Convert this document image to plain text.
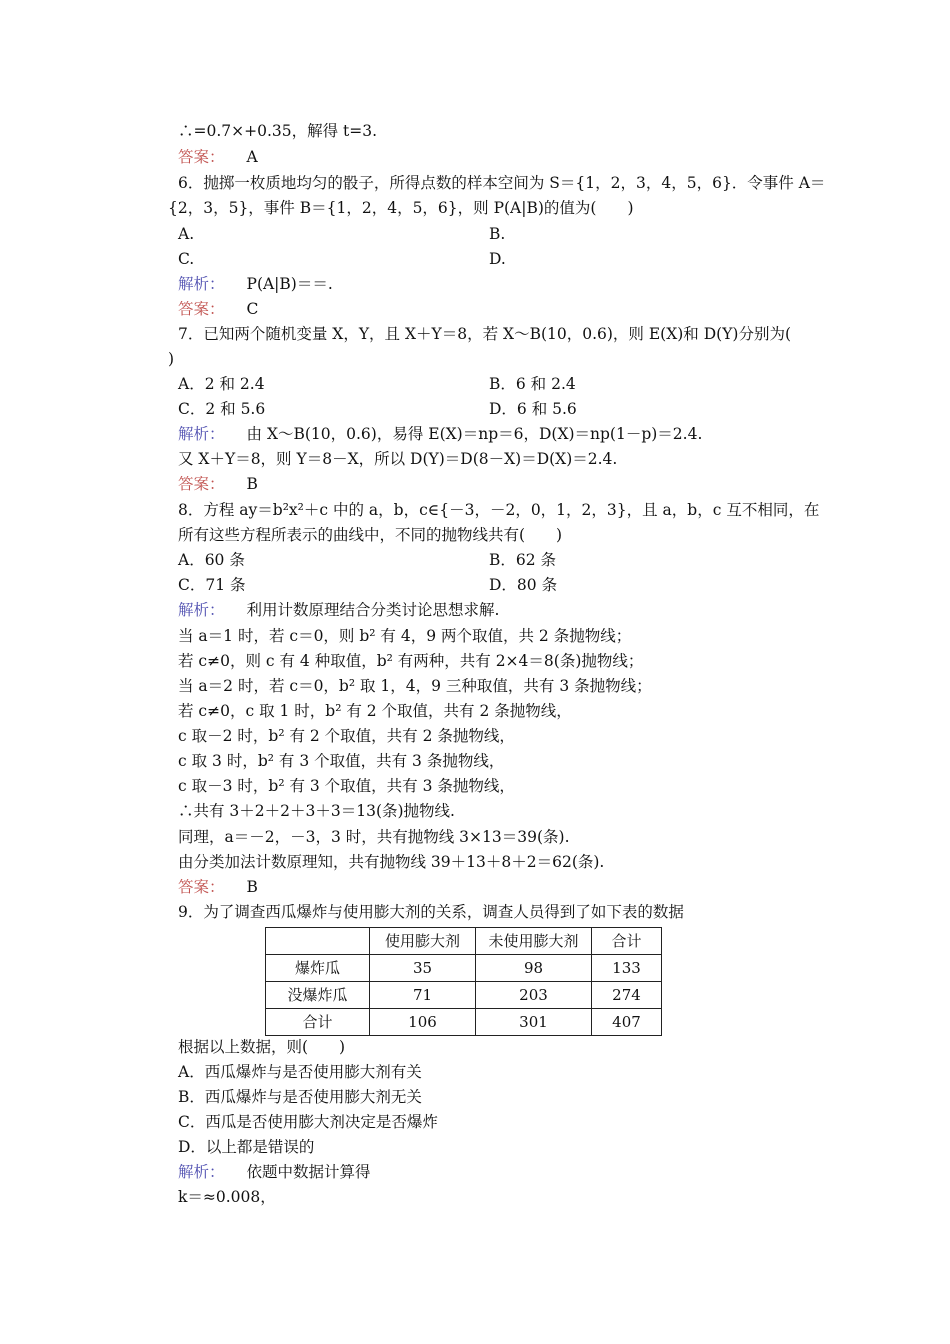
∴=0.7×+0.35，解得 t=3.
答案： A
6．抛掷一枚质地均匀的骰子，所得点数的样本空间为 S＝{1，2，3，4，5，6}．令事件 A＝
{2，3，5}，事件 B＝{1，2，4，5，6}，则 P(A|B)的值为(　　)
A.	B.
C.	D.
解析： P(A|B)＝＝.
答案： C
7．已知两个随机变量 X，Y，且 X＋Y＝8，若 X～B(10，0.6)，则 E(X)和 D(Y)分别为(
)
A．2 和 2.4	B．6 和 2.4
C．2 和 5.6	D．6 和 5.6
解析： 由 X～B(10，0.6)，易得 E(X)＝np＝6，D(X)＝np(1－p)＝2.4.
又 X＋Y＝8，则 Y＝8－X，所以 D(Y)＝D(8－X)＝D(X)＝2.4.
答案： B
8．方程 ay＝b²x²＋c 中的 a，b，c∈{－3，－2，0，1，2，3}，且 a，b，c 互不相同，在
所有这些方程所表示的曲线中，不同的抛物线共有(　　)
A．60 条	B．62 条
C．71 条	D．80 条
解析： 利用计数原理结合分类讨论思想求解.
当 a＝1 时，若 c＝0，则 b² 有 4，9 两个取值，共 2 条抛物线；
若 c≠0，则 c 有 4 种取值，b² 有两种，共有 2×4＝8(条)抛物线；
当 a＝2 时，若 c＝0，b² 取 1，4，9 三种取值，共有 3 条抛物线；
若 c≠0，c 取 1 时，b² 有 2 个取值，共有 2 条抛物线，
c 取－2 时，b² 有 2 个取值，共有 2 条抛物线，
c 取 3 时，b² 有 3 个取值，共有 3 条抛物线，
c 取－3 时，b² 有 3 个取值，共有 3 条抛物线，
∴共有 3＋2＋2＋3＋3＝13(条)抛物线.
同理，a＝－2，－3，3 时，共有抛物线 3×13＝39(条).
由分类加法计数原理知，共有抛物线 39＋13＋8＋2＝62(条).
答案： B
9．为了调查西瓜爆炸与使用膨大剂的关系，调查人员得到了如下表的数据
	使用膨大剂	未使用膨大剂	合计
爆炸瓜	35	98	133
没爆炸瓜	71	203	274
合计	106	301	407
根据以上数据，则(　　)
A．西瓜爆炸与是否使用膨大剂有关
B．西瓜爆炸与是否使用膨大剂无关
C．西瓜是否使用膨大剂决定是否爆炸
D．以上都是错误的
解析： 依题中数据计算得
k＝≈0.008，
